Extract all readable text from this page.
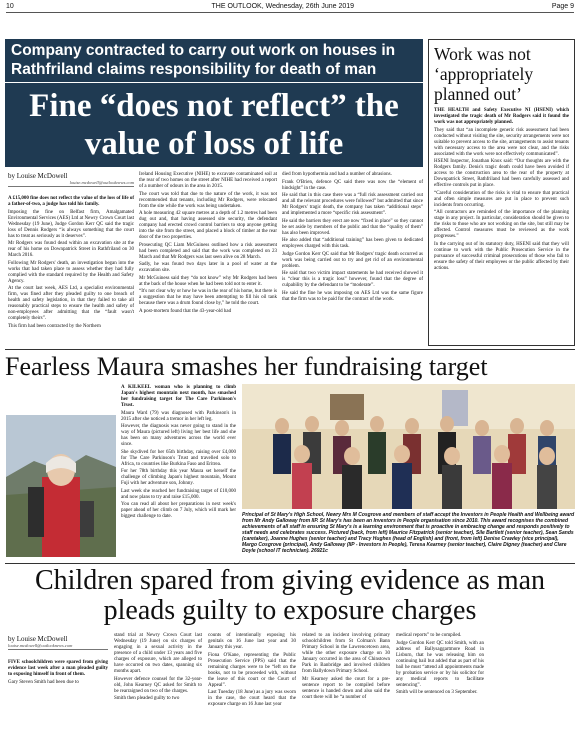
10	THE OUTLOOK, Wednesday, 26th June 2019	Page 9
Company contracted to carry out work on houses in Rathfriland claims responsibility for death of man
Fine “does not reflect” the value of loss of life
by Louise McDowell
louise.mcdowell@outlooknews.com

A £15,000 fine does not reflect the value of the loss of life of a father-of-two, a judge has told his family.

Imposing the fine on Belfast firm, Amalgamated Environmental Services (AES) Ltd at Newry Crown Court last Wednesday (19 June), Judge Gordon Kerr QC said the tragic loss of Dennis Rodgers “is always something that the court has to treat as seriously as it deserves”.

Mr Rodgers was found dead within an excavation site at the rear of his home on Downpatrick Street in Rathfriland on 30 March 2016.

Following Mr Rodgers' death, an investigation began into the works that had taken place to assess whether they had fully complied with the standard required by the Health and Safety Agency.

At the court last week, AES Ltd, a specialist environmental firm, was fined after they pleaded guilty to one breach of health and safety legislation, in that they failed to take all reasonably practical steps to ensure the health and safety of non-employees after admitting that the “fault wasn't completely theirs”.

This firm had been contracted by the Northern

Ireland Housing Executive (NIHE) to excavate contaminated soil at the rear of two homes on the street after NIHE had received a report of a number of odours in the area in 2015.

The court was told that due to the nature of the work, it was not recommended that tenants, including Mr Rodgers, were relocated from the site while the work was being undertaken.

A hole measuring 42 square metres at a depth of 1.2 metres had been dug out and, that having assessed site security, the defendant company had erected crowd control barriers to stop anyone getting into the site from the street, and placed a block of timber at the rear door of the two properties.

Prosecuting QC Liam McGuiness outlined how a risk assessment had been completed and said that the work was completed on 23 March and that Mr Rodgers was last seen alive on 28 March.

Sadly, he was found two days later in a pool of water at the excavation site.

Mr McGuiness said they “do not know” why Mr Rodgers had been at the back of the house when he had been told not to enter it.

“It's not clear why or how he was in the rear of his home, but there is a suggestion that he may have been attempting to fill his oil tank because there was a drum found close by,” he told the court.

A post-mortem found that the 43-year-old had

died from hypothermia and had a number of abrasions.

Frank O'Brien, defence QC said there was now the “element of hindsight” in the case.

He said that in this case there was a “full risk assessment carried out and all the relevant procedures were followed” but admitted that since Mr Rodgers' tragic death, the company has taken “additional steps” and implemented a more “specific risk assessment”.

He said the barriers they erect are now “fixed in place” so they cannot be set aside by members of the public and that the “quality of them” has also been improved.

He also added that “additional training” has been given to dedicated employees charged with this task.

Judge Gordon Kerr QC said that Mr Rodgers' tragic death occurred as work was being carried out to try and get rid of an environmental problem.

He said that two victim impact statements he had received showed it is “clear this is a tragic loss” however, found that the degree of culpability by the defendant to be “moderate”.

He said the fine he was imposing on AES Ltd was the same figure that the firm was to be paid for the contract of the work.

Work was not ‘appropriately planned out’

THE HEALTH and Safety Executive NI (HSENI) which investigated the tragic death of Mr Rodgers said it found the work was not appropriately planned.

They said that “an incomplete generic risk assessment had been conducted without visiting the site, security arrangements were not suitable to prevent access to the site, arrangements to assist tenants with necessary access to the area were not clear, and the risks associated with the work were not effectively communicated”.

HSENI Inspector, Jonathan Knox said: “Our thoughts are with the Rodgers family. Denis's tragic death could have been avoided if access to the construction area to the rear of the property at Downpatrick Street, Rathfriland had been carefully assessed and effective controls put in place.

“Careful consideration of the risks is vital to ensure that practical and often simple measures are put in place to prevent such incidents from occurring.

“All contractors are reminded of the importance of the planning stage in any project. In particular, consideration should be given to the risks to those who are not working on the site, but still may be affected. Control measures must be reviewed as the work progresses.”

In the carrying out of its statutory duty, HSENI said that they will continue to work with the Public Prosecution Service in the pursuance of successful criminal prosecutions of those who fail to ensure the safety of their employees or the public affected by their actions.

Fearless Maura smashes her fundraising target

A KILKEEL woman who is planning to climb Japan's highest mountain next month, has smashed her fundraising target for The Care Parkinson's Trust.

Maura Ward (79) was diagnosed with Parkinson's in 2015 after she noticed a tremor in her left leg.

However, the diagnosis was never going to stand in the way of Maura (pictured left) living her best life and she has been on many adventures across the world ever since.

She skydived for her 65th birthday, raising over £4,000 for The Care Parkinson's Trust and travelled solo to Africa, to countries like Burkina Faso and Eritrea.

For her 78th birthday this year Maura set herself the challenge of climbing Japan's highest mountain, Mount Fuji with her adventure son, Johnny.

Last week she reached her fundraising target of £10,000 and now plans to try and raise £15,000.

You can read all about her preparations in next week's paper ahead of her climb on 7 July, which will mark her biggest challenge to date.	Principal of St Mary's High School, Newry Mrs M Cosgrove and members of staff accept the Investors in People Health and Wellbeing award from Mr Andy Galloway from IIP. St Mary's has been an Investors in People organisation since 2010. This award recognises the combined achievements of all staff in ensuring St Mary's is a learning environment that is proactive in embracing change and responds positively to staff needs and celebrates success. Pictured (back, from left) Maurice Fitzpatrick (senior teacher), Sile Bartlett (senior teacher), Sean Sands (caretaker), Joanne Hughes (senior teacher) and Tracy Hughes (head of English) and (front, from left) Denise Crawley (vice principal), Margo Cosgrove (principal), Andy Galloway (IIP - Investors in People), Teresa Kearney (senior teacher), Claire Digney (teacher) and Clare Doyle (school IT technician). 26921c
Children spared from giving evidence as man pleads guilty to exposure charges
by Louise McDowell
louise.mcdowell@outlooknews.com

FIVE schoolchildren were spared from giving evidence last week after a man pleaded guilty to exposing himself in front of them.

Gary Steven Smith had been due to

stand trial at Newry Crown Court last Wednesday (19 June) on six charges of engaging in a sexual activity in the presence of a child under 13 years and five charges of exposure, which are alleged to have occurred on two dates, spanning six months apart.

However defence counsel for the 32-year-old, John Kearney QC asked for Smith to be rearraigned on two of the charges.

Smith then pleaded guilty to two

counts of intentionally exposing his genitals on 16 June last year and 30 January this year.

Fiona O'Kane, representing the Public Prosecution Service (PPS) said that the remaining charges were to be “left on the books, not to be proceeded with, without the leave of this court or the Court of Appeal”.

Last Tuesday (18 June) as a jury was sworn in the case, the court heard that the exposure charge on 16 June last year

related to an incident involving primary schoolchildren from St Colman's Bann Primary School in the Lawrencetown area, while the other exposure charge on 30 January occurred in the area of Chinstown Park in Banbridge and involved children from Ballydown Primary School.

Mr Kearney asked the court for a pre-sentence report to be compiled before sentence is handed down and also said the court there will be “a number of

medical reports” to be compiled.

Judge Gordon Kerr QC told Smith, with an address of Ballysaggartmore Road in Lisburn, that he was releasing him on continuing bail but added that as part of his bail he must “attend all appointments made by probation service or by his solicitor for any medical reports to facilitate sentencing”.

Smith will be sentenced on 3 September.
